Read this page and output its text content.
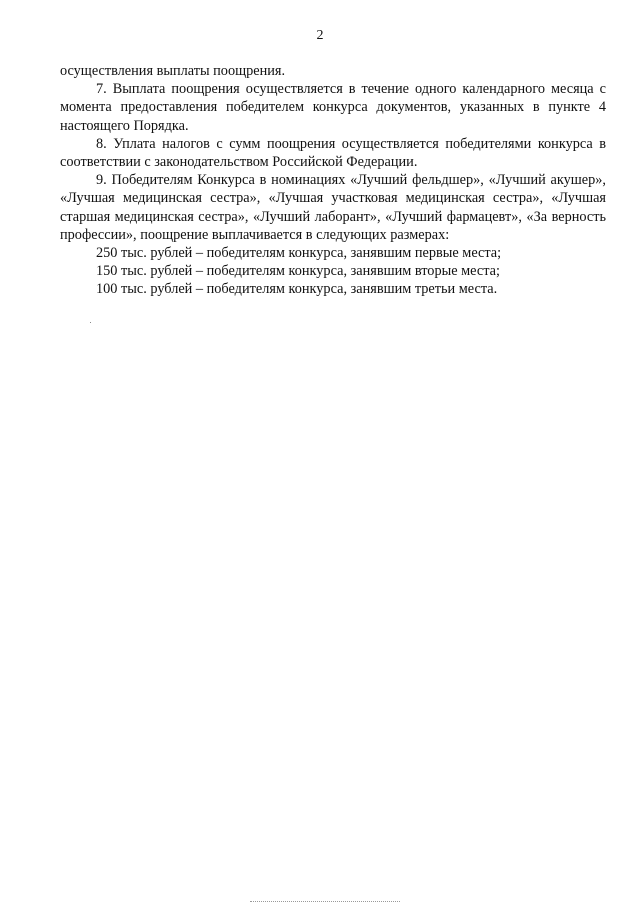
2

осуществления выплаты поощрения.

7. Выплата поощрения осуществляется в течение одного календарного месяца с момента предоставления победителем конкурса документов, указанных в пункте 4 настоящего Порядка.

8. Уплата налогов с сумм поощрения осуществляется победителями конкурса в соответствии с законодательством Российской Федерации.

9. Победителям Конкурса в номинациях «Лучший фельдшер», «Лучший акушер», «Лучшая медицинская сестра», «Лучшая участковая медицинская сестра», «Лучшая старшая медицинская сестра», «Лучший лаборант», «Лучший фармацевт», «За верность профессии», поощрение выплачивается в следующих размерах:

250 тыс. рублей – победителям конкурса, занявшим первые места;

150 тыс. рублей – победителям конкурса, занявшим вторые места;

100 тыс. рублей – победителям конкурса, занявшим третьи места.
